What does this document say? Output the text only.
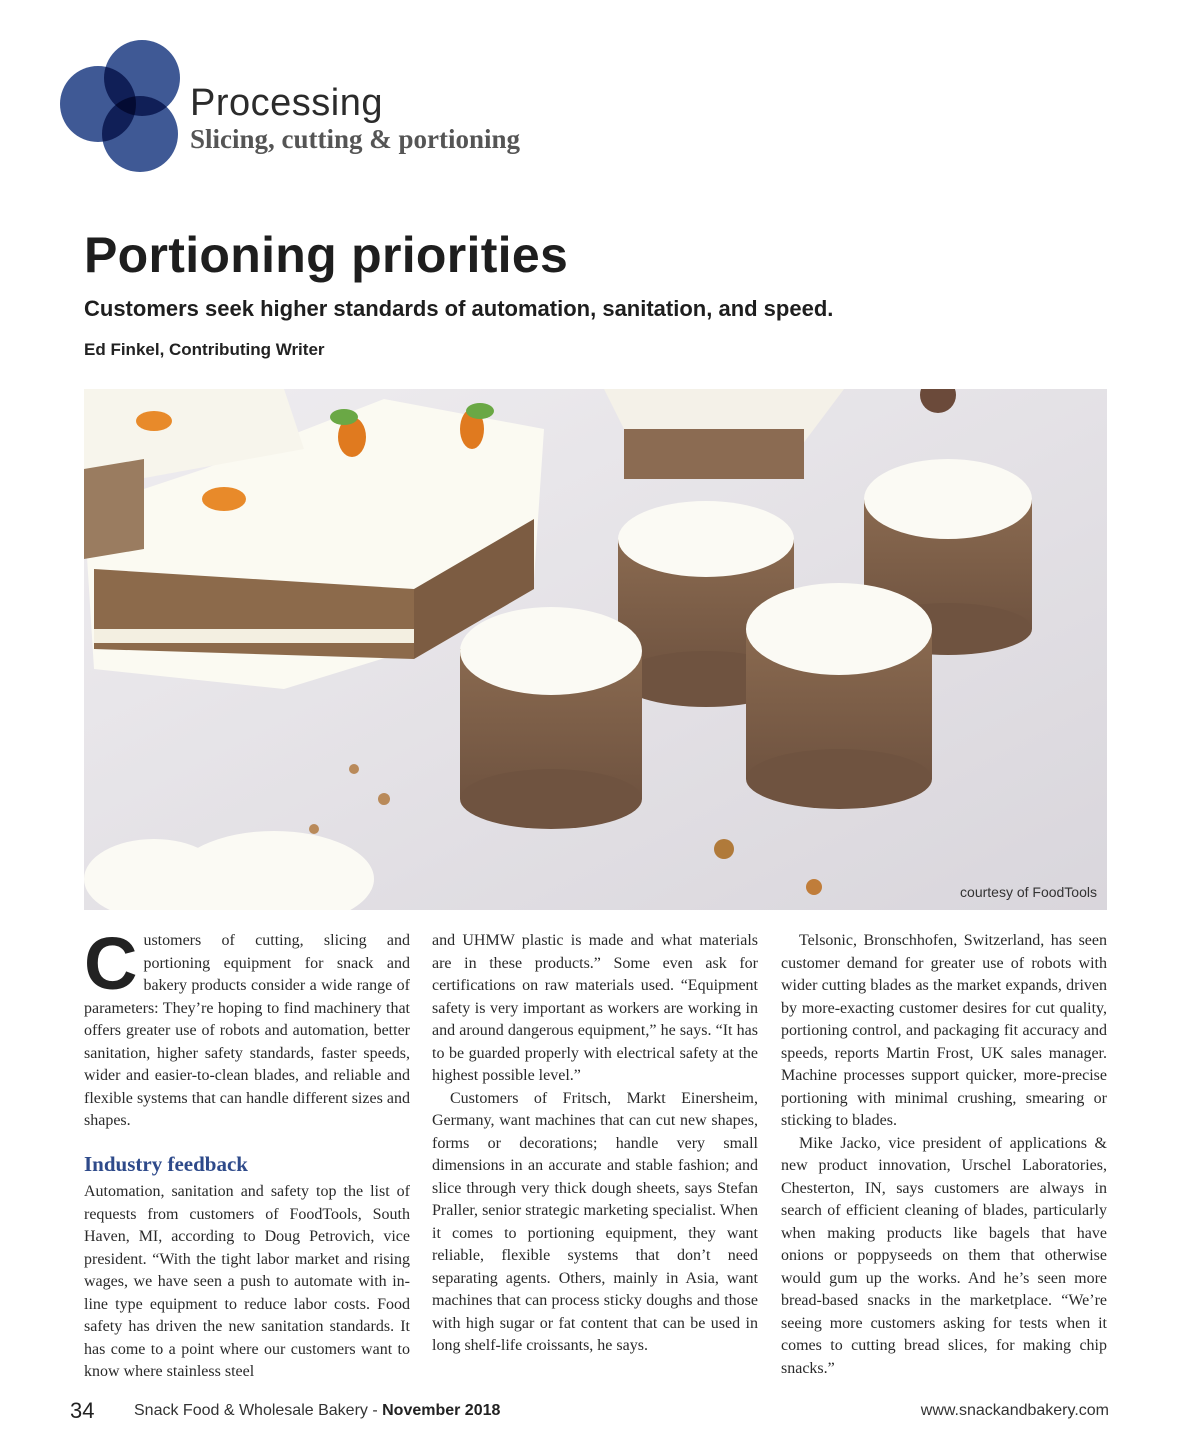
Processing
Slicing, cutting & portioning
Portioning priorities
Customers seek higher standards of automation, sanitation, and speed.
Ed Finkel, Contributing Writer
courtesy of FoodTools

Customers of cutting, slicing and portioning equipment for snack and bakery products consider a wide range of parameters: They’re hoping to find machinery that offers greater use of robots and automation, better sanitation, higher safety standards, faster speeds, wider and easier-to-clean blades, and reliable and flexible systems that can handle different sizes and shapes.

Industry feedback

Automation, sanitation and safety top the list of requests from customers of FoodTools, South Haven, MI, according to Doug Petrovich, vice president. “With the tight labor market and rising wages, we have seen a push to automate with in-line type equipment to reduce labor costs. Food safety has driven the new sanitation standards. It has come to a point where our customers want to know where stainless steel

and UHMW plastic is made and what materials are in these products.” Some even ask for certifications on raw materials used. “Equipment safety is very important as workers are working in and around dangerous equipment,” he says. “It has to be guarded properly with electrical safety at the highest possible level.”

Customers of Fritsch, Markt Einersheim, Germany, want machines that can cut new shapes, forms or decorations; handle very small dimensions in an accurate and stable fashion; and slice through very thick dough sheets, says Stefan Praller, senior strategic marketing specialist. When it comes to portioning equipment, they want reliable, flexible systems that don’t need separating agents. Others, mainly in Asia, want machines that can process sticky doughs and those with high sugar or fat content that can be used in long shelf-life croissants, he says.

Telsonic, Bronschhofen, Switzerland, has seen customer demand for greater use of robots with wider cutting blades as the market expands, driven by more-exacting customer desires for cut quality, portioning control, and packaging fit accuracy and speeds, reports Martin Frost, UK sales manager. Machine processes support quicker, more-precise portioning with minimal crushing, smearing or sticking to blades.

Mike Jacko, vice president of applications & new product innovation, Urschel Laboratories, Chesterton, IN, says customers are always in search of efficient cleaning of blades, particularly when making products like bagels that have onions or poppyseeds on them that otherwise would gum up the works. And he’s seen more bread-based snacks in the marketplace. “We’re seeing more customers asking for tests when it comes to cutting bread slices, for making chip snacks.”

34 Snack Food & Wholesale Bakery - November 2018	www.snackandbakery.com
